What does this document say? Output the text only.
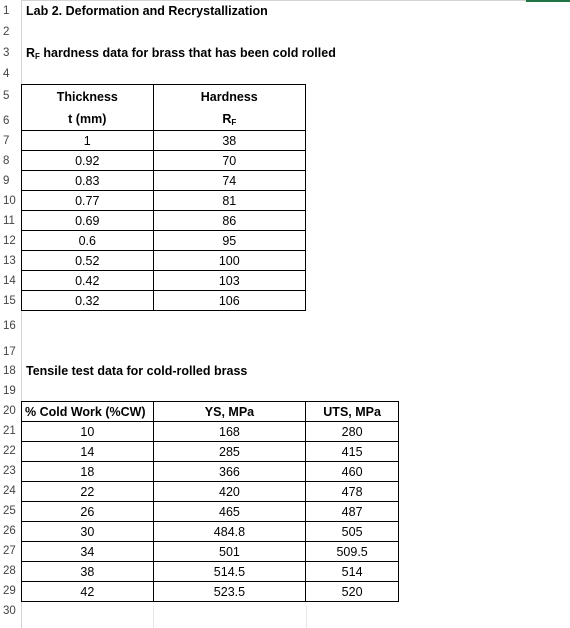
1
2
3
4
5
6
7
8
9
10
11
12
13
14
15
16
17
18
19
20
21
22
23
24
25
26
27
28
29
30
Lab 2. Deformation and Recrystallization
$R_F$ hardness data for brass that has been cold rolled
Thickness	Hardness
t (mm)	$R_F$
1	38
0.92	70
0.83	74
0.77	81
0.69	86
0.6	95
0.52	100
0.42	103
0.32	106
Tensile test data for cold-rolled brass
% Cold Work (%CW)	YS, MPa	UTS, MPa
10	168	280
14	285	415
18	366	460
22	420	478
26	465	487
30	484.8	505
34	501	509.5
38	514.5	514
42	523.5	520
